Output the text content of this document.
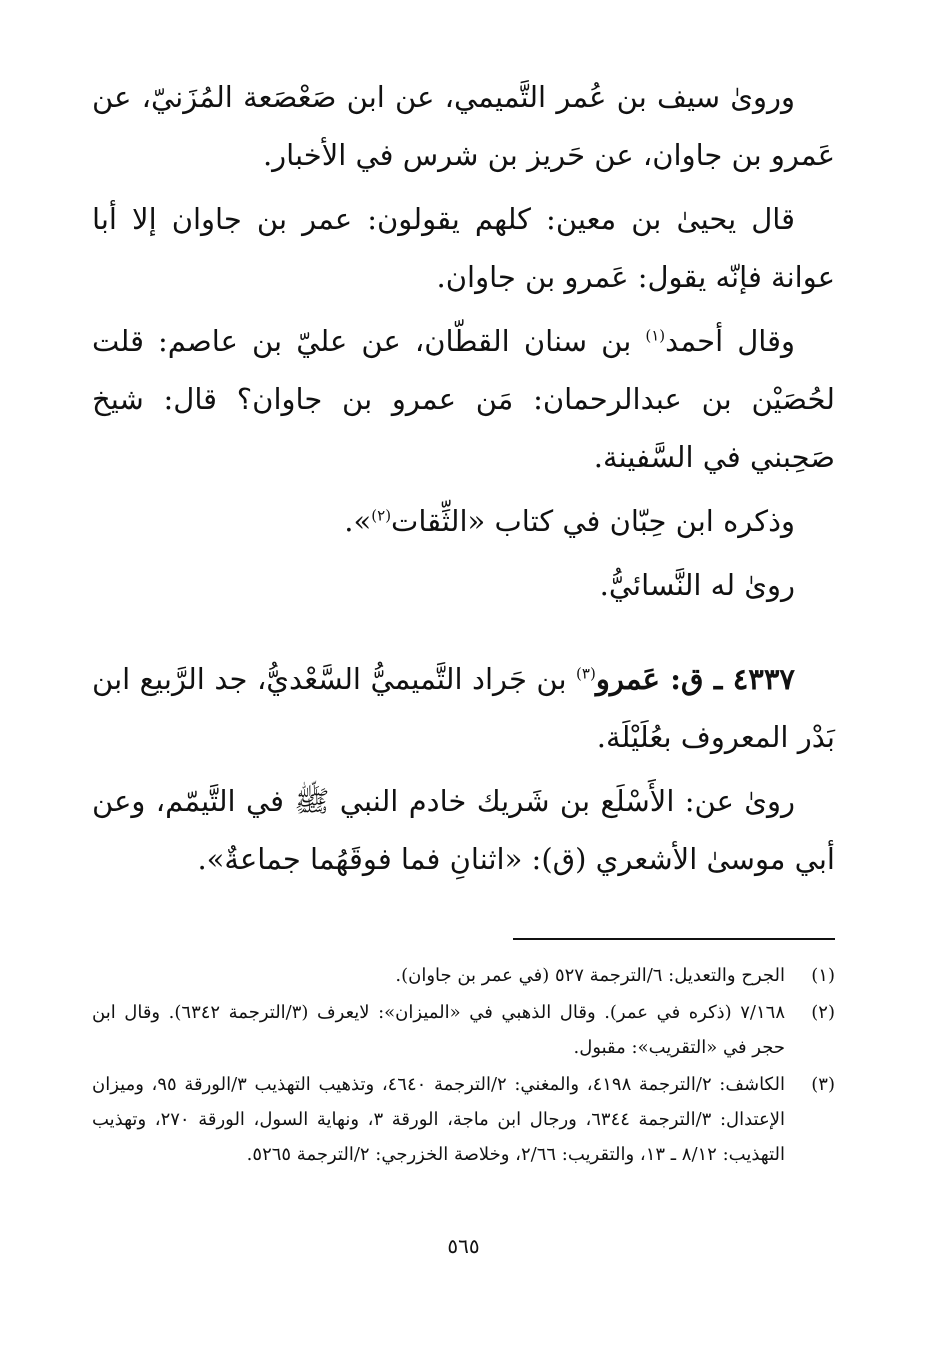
ورویٰ سيف بن عُمر التَّميمي، عن ابن صَعْصَعة المُزَنيّ، عن عَمرو بن جاوان، عن حَريز بن شرس في الأخبار.

قال يحيىٰ بن معين: كلهم يقولون: عمر بن جاوان إلا أبا عوانة فإنّه يقول: عَمرو بن جاوان.

وقال أحمد$^{(١)}$ بن سنان القطّان، عن عليّ بن عاصم: قلت لحُصَيْن بن عبدالرحمان: مَن عمرو بن جاوان؟ قال: شيخ صَحِبني في السَّفينة.

وذكره ابن حِبّان في كتاب «الثِّقات$^{(٢)}$».

رویٰ له النَّسائيُّ.

٤٣٣٧ ـ ق: عَمرو$^{(٣)}$ بن جَراد التَّميميُّ السَّعْديُّ، جد الرَّبيع ابن بَدْر المعروف بعُلَيْلَة.

رویٰ عن: الأَسْلَع بن شَريك خادم النبي ﷺ في التَّيمّم، وعن أبي موسىٰ الأشعري (ق): «اثنانِ فما فوقَهُما جماعةٌ».

(١)
الجرح والتعديل: ٦/الترجمة ٥٢٧ (في عمر بن جاوان).
(٢)
٧/١٦٨ (ذكره في عمر). وقال الذهبي في «الميزان»: لايعرف (٣/الترجمة ٦٣٤٢). وقال ابن حجر في «التقريب»: مقبول.
(٣)
الكاشف: ٢/الترجمة ٤١٩٨، والمغني: ٢/الترجمة ٤٦٤٠، وتذهيب التهذيب ٣/الورقة ٩٥، وميزان الإعتدال: ٣/الترجمة ٦٣٤٤، ورجال ابن ماجة، الورقة ٣، ونهاية السول، الورقة ٢٧٠، وتهذيب التهذيب: ٨/١٢ ـ ١٣، والتقريب: ٢/٦٦، وخلاصة الخزرجي: ٢/الترجمة ٥٢٦٥.
٥٦٥
